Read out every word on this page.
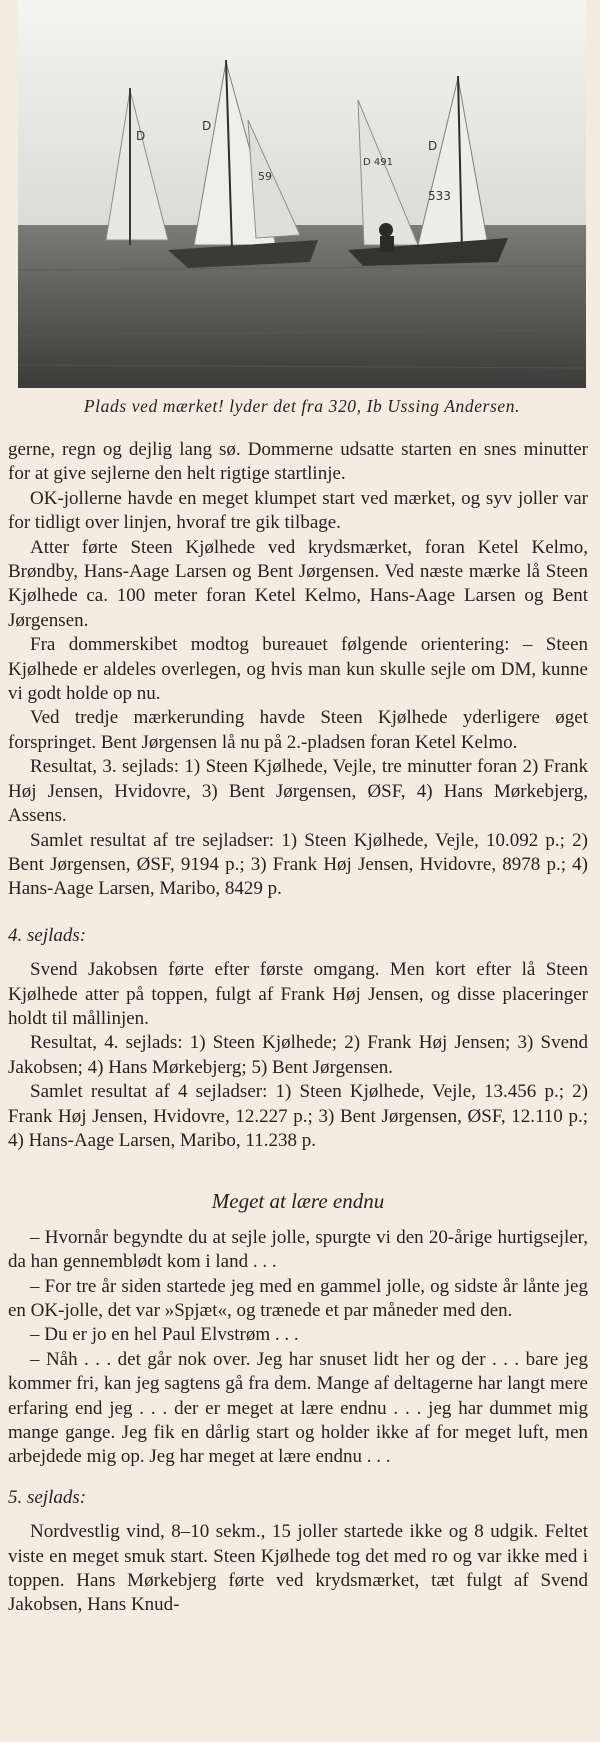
D
D
59
D 491
D
533

Plads ved mærket! lyder det fra 320, Ib Ussing Andersen.

gerne, regn og dejlig lang sø. Dommerne udsatte starten en snes minutter for at give sejlerne den helt rigtige startlinje.

OK-jollerne havde en meget klumpet start ved mærket, og syv joller var for tidligt over linjen, hvoraf tre gik tilbage.

Atter førte Steen Kjølhede ved krydsmærket, foran Ketel Kelmo, Brøndby, Hans-Aage Larsen og Bent Jørgensen. Ved næste mærke lå Steen Kjølhede ca. 100 meter foran Ketel Kelmo, Hans-Aage Larsen og Bent Jørgensen.

Fra dommerskibet modtog bureauet følgende orientering: – Steen Kjølhede er aldeles overlegen, og hvis man kun skulle sejle om DM, kunne vi godt holde op nu.

Ved tredje mærkerunding havde Steen Kjølhede yderligere øget forspringet. Bent Jørgensen lå nu på 2.-pladsen foran Ketel Kelmo.

Resultat, 3. sejlads: 1) Steen Kjølhede, Vejle, tre minutter foran 2) Frank Høj Jensen, Hvidovre, 3) Bent Jørgensen, ØSF, 4) Hans Mørkebjerg, Assens.

Samlet resultat af tre sejladser: 1) Steen Kjølhede, Vejle, 10.092 p.; 2) Bent Jørgensen, ØSF, 9194 p.; 3) Frank Høj Jensen, Hvidovre, 8978 p.; 4) Hans-Aage Larsen, Maribo, 8429 p.

4. sejlads:

Svend Jakobsen førte efter første omgang. Men kort efter lå Steen Kjølhede atter på toppen, fulgt af Frank Høj Jensen, og disse placeringer holdt til mållinjen.

Resultat, 4. sejlads: 1) Steen Kjølhede; 2) Frank Høj Jensen; 3) Svend Jakobsen; 4) Hans Mørkebjerg; 5) Bent Jørgensen.

Samlet resultat af 4 sejladser: 1) Steen Kjølhede, Vejle, 13.456 p.; 2) Frank Høj Jensen, Hvidovre, 12.227 p.; 3) Bent Jørgensen, ØSF, 12.110 p.; 4) Hans-Aage Larsen, Maribo, 11.238 p.

Meget at lære endnu

– Hvornår begyndte du at sejle jolle, spurgte vi den 20-årige hurtigsejler, da han gennemblødt kom i land . . .

– For tre år siden startede jeg med en gammel jolle, og sidste år lånte jeg en OK-jolle, det var »Spjæt«, og trænede et par måneder med den.

– Du er jo en hel Paul Elvstrøm . . .

– Nåh . . . det går nok over. Jeg har snuset lidt her og der . . . bare jeg kommer fri, kan jeg sagtens gå fra dem. Mange af deltagerne har langt mere erfaring end jeg . . . der er meget at lære endnu . . . jeg har dummet mig mange gange. Jeg fik en dårlig start og holder ikke af for meget luft, men arbejdede mig op. Jeg har meget at lære endnu . . .

5. sejlads:

Nordvestlig vind, 8–10 sekm., 15 joller startede ikke og 8 udgik. Feltet viste en meget smuk start. Steen Kjølhede tog det med ro og var ikke med i toppen. Hans Mørkebjerg førte ved krydsmærket, tæt fulgt af Svend Jakobsen, Hans Knud-
